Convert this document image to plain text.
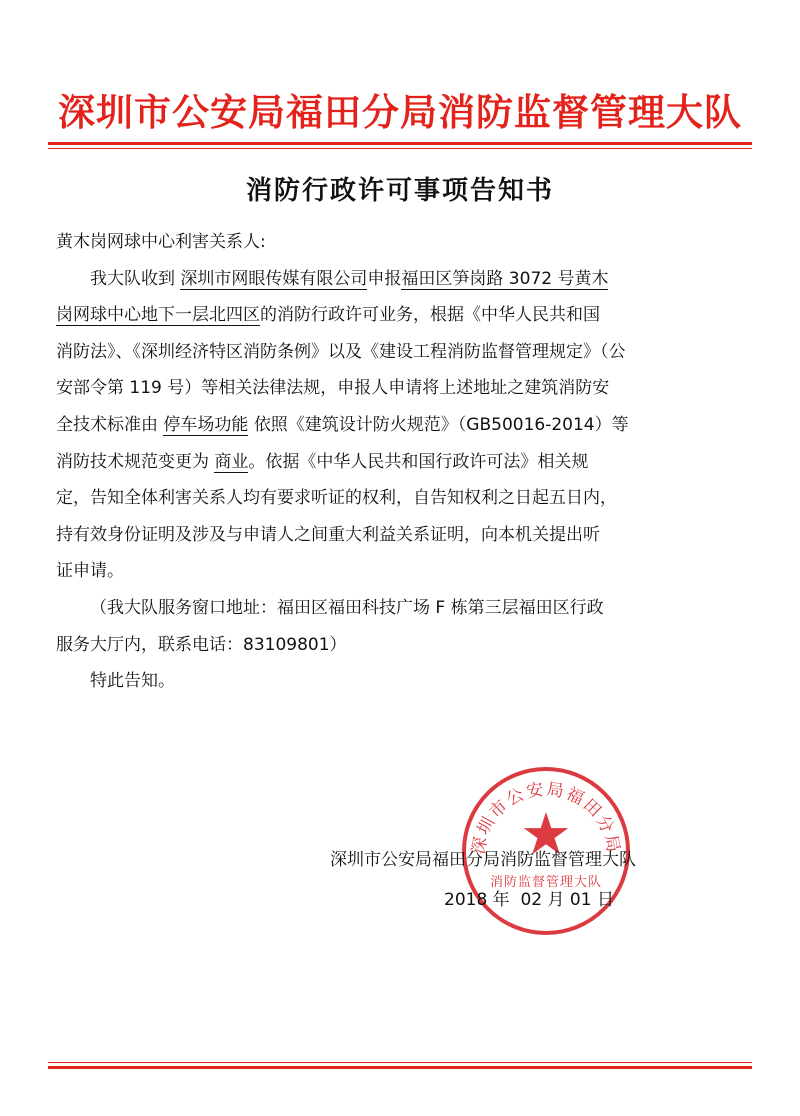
深圳市公安局福田分局消防监督管理大队
消防行政许可事项告知书
黄木岗网球中心利害关系人:
我大队收到 深圳市网眼传媒有限公司申报福田区笋岗路 3072 号黄木
岗网球中心地下一层北四区的消防行政许可业务，根据《中华人民共和国
消防法》、《深圳经济特区消防条例》以及《建设工程消防监督管理规定》（公
安部令第 119 号）等相关法律法规，申报人申请将上述地址之建筑消防安
全技术标准由 停车场功能 依照《建筑设计防火规范》（GB50016-2014）等
消防技术规范变更为 商业。依据《中华人民共和国行政许可法》相关规
定，告知全体利害关系人均有要求听证的权利，自告知权利之日起五日内，
持有效身份证明及涉及与申请人之间重大利益关系证明，向本机关提出听
证申请。
（我大队服务窗口地址：福田区福田科技广场 F 栋第三层福田区行政
服务大厅内，联系电话：83109801）
特此告知。
深圳市公安局福田分局
★
消防监督管理大队
深圳市公安局福田分局消防监督管理大队
2018 年  02 月 01 日
